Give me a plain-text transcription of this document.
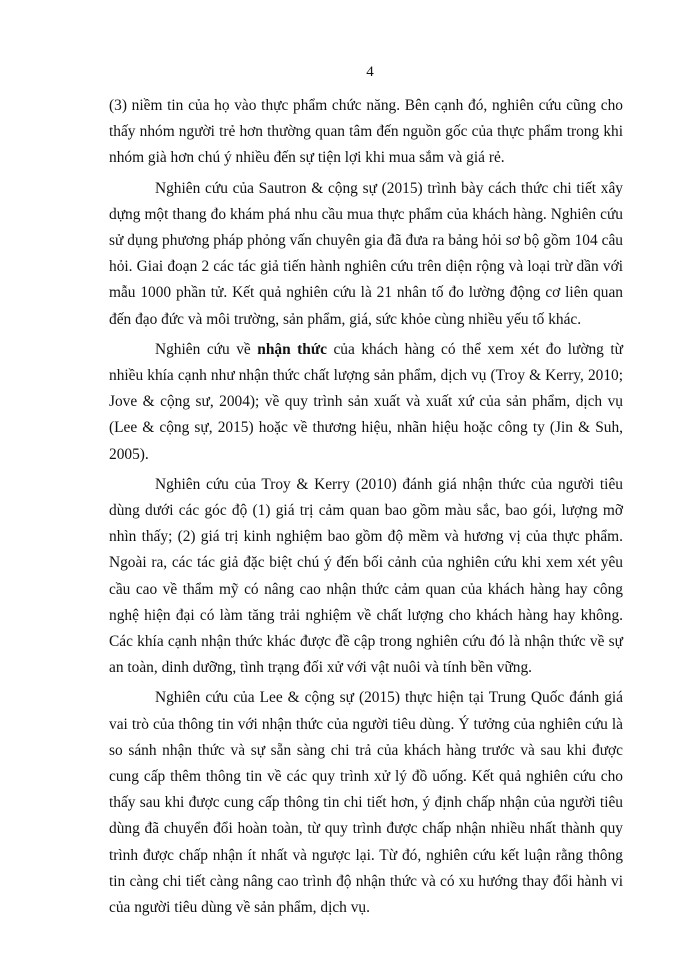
4

(3) niềm tin của họ vào thực phẩm chức năng. Bên cạnh đó, nghiên cứu cũng cho thấy nhóm người trẻ hơn thường quan tâm đến nguồn gốc của thực phẩm trong khi nhóm già hơn chú ý nhiều đến sự tiện lợi khi mua sắm và giá rẻ.

Nghiên cứu của Sautron & cộng sự (2015) trình bày cách thức chi tiết xây dựng một thang đo khám phá nhu cầu mua thực phẩm của khách hàng. Nghiên cứu sử dụng phương pháp phỏng vấn chuyên gia đã đưa ra bảng hỏi sơ bộ gồm 104 câu hỏi. Giai đoạn 2 các tác giả tiến hành nghiên cứu trên diện rộng và loại trừ dần với mẫu 1000 phần tử. Kết quả nghiên cứu là 21 nhân tố đo lường động cơ liên quan đến đạo đức và môi trường, sản phẩm, giá, sức khỏe cùng nhiều yếu tố khác.

Nghiên cứu về nhận thức của khách hàng có thể xem xét đo lường từ nhiều khía cạnh như nhận thức chất lượng sản phẩm, dịch vụ (Troy & Kerry, 2010; Jove & cộng sư, 2004); về quy trình sản xuất và xuất xứ của sản phẩm, dịch vụ (Lee & cộng sự, 2015) hoặc về thương hiệu, nhãn hiệu hoặc công ty (Jin & Suh, 2005).

Nghiên cứu của Troy & Kerry (2010) đánh giá nhận thức của người tiêu dùng dưới các góc độ (1) giá trị cảm quan bao gồm màu sắc, bao gói, lượng mỡ nhìn thấy; (2) giá trị kinh nghiệm bao gồm độ mềm và hương vị của thực phẩm. Ngoài ra, các tác giả đặc biệt chú ý đến bối cảnh của nghiên cứu khi xem xét yêu cầu cao về thẩm mỹ có nâng cao nhận thức cảm quan của khách hàng hay công nghệ hiện đại có làm tăng trải nghiệm về chất lượng cho khách hàng hay không. Các khía cạnh nhận thức khác được đề cập trong nghiên cứu đó là nhận thức về sự an toàn, dinh dưỡng, tình trạng đối xử với vật nuôi và tính bền vững.

Nghiên cứu của Lee & cộng sự (2015) thực hiện tại Trung Quốc đánh giá vai trò của thông tin với nhận thức của người tiêu dùng. Ý tưởng của nghiên cứu là so sánh nhận thức và sự sẵn sàng chi trả của khách hàng trước và sau khi được cung cấp thêm thông tin về các quy trình xử lý đồ uống. Kết quả nghiên cứu cho thấy sau khi được cung cấp thông tin chi tiết hơn, ý định chấp nhận của người tiêu dùng đã chuyển đổi hoàn toàn, từ quy trình được chấp nhận nhiều nhất thành quy trình được chấp nhận ít nhất và ngược lại. Từ đó, nghiên cứu kết luận rằng thông tin càng chi tiết càng nâng cao trình độ nhận thức và có xu hướng thay đổi hành vi của người tiêu dùng về sản phẩm, dịch vụ.
